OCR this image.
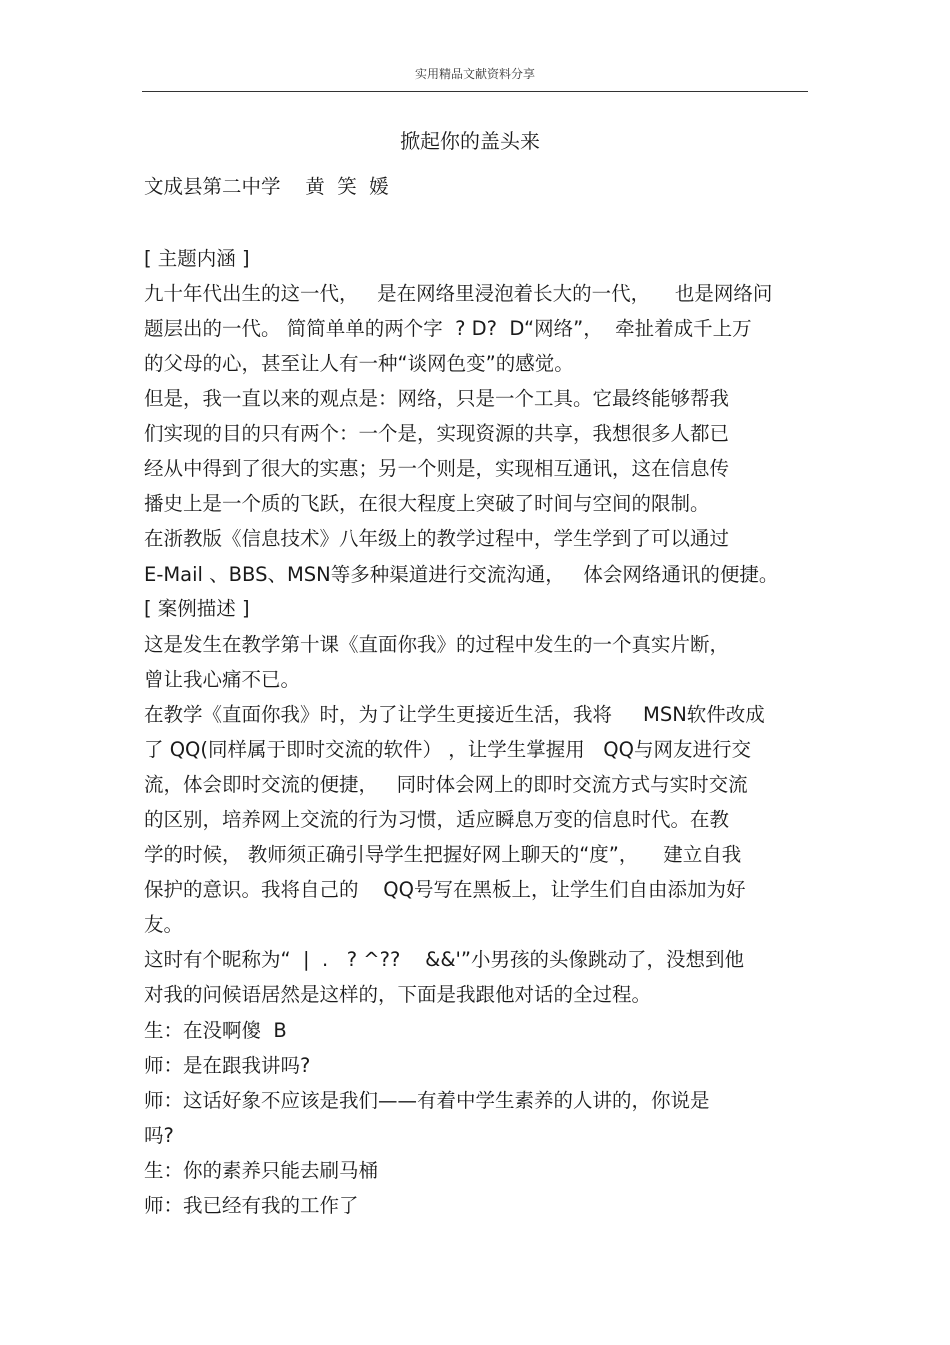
实用精品文献资料分享
掀起你的盖头来
文成县第二中学    黄  笑  媛
[ 主题内涵 ]
九十年代出生的这一代，   是在网络里浸泡着长大的一代，    也是网络问
题层出的一代。 简简单单的两个字  ? D?  D“网络”，  牵扯着成千上万
的父母的心，甚至让人有一种“谈网色变”的感觉。
但是，我一直以来的观点是：网络，只是一个工具。它最终能够帮我
们实现的目的只有两个：一个是，实现资源的共享，我想很多人都已
经从中得到了很大的实惠；另一个则是，实现相互通讯，这在信息传
播史上是一个质的飞跃，在很大程度上突破了时间与空间的限制。
在浙教版《信息技术》八年级上的教学过程中，学生学到了可以通过
E-Mail 、BBS、MSN等多种渠道进行交流沟通，   体会网络通讯的便捷。
[ 案例描述 ]
这是发生在教学第十课《直面你我》的过程中发生的一个真实片断，
曾让我心痛不已。
在教学《直面你我》时，为了让学生更接近生活，我将     MSN软件改成
了 QQ(同样属于即时交流的软件） ，让学生掌握用   QQ与网友进行交
流，体会即时交流的便捷，   同时体会网上的即时交流方式与实时交流
的区别，培养网上交流的行为习惯，适应瞬息万变的信息时代。在教
学的时候， 教师须正确引导学生把握好网上聊天的“度”，    建立自我
保护的意识。我将自己的    QQ号写在黑板上，让学生们自由添加为好
友。
这时有个昵称为“  |  .   ? ^??    &&'”小男孩的头像跳动了，没想到他
对我的问候语居然是这样的，下面是我跟他对话的全过程。
生：在没啊傻  B
师：是在跟我讲吗?
师：这话好象不应该是我们——有着中学生素养的人讲的，你说是
吗?
生：你的素养只能去刷马桶
师：我已经有我的工作了
